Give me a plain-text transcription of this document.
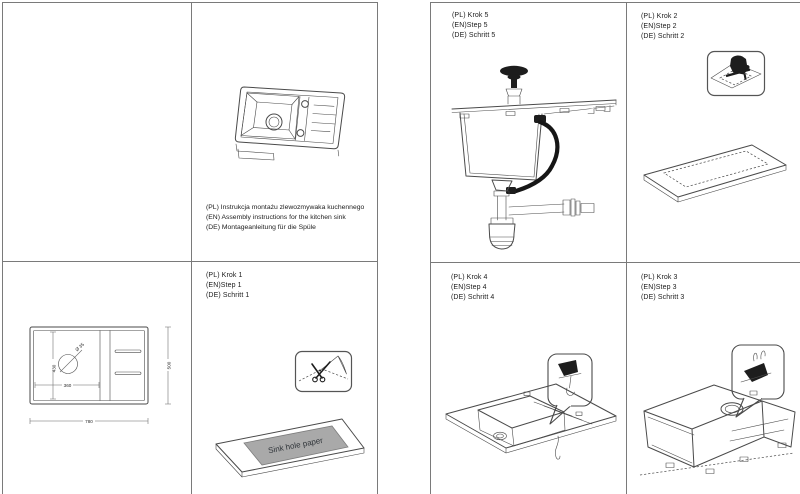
(PL) Instrukcja montażu zlewozmywaka kuchennego
(EN) Assembly instructions for the kitchen sink
(DE) Montageanleitung für die Spüle
(PL) Krok 5
(EN)Step 5
(DE) Schritt 5
(PL) Krok 2
(EN)Step 2
(DE) Schritt 2
Ø 35
430
360
500
780
(PL) Krok 1
(EN)Step 1
(DE) Schritt 1
Sink hole paper
(PL) Krok 4
(EN)Step 4
(DE) Schritt 4
(PL) Krok 3
(EN)Step 3
(DE) Schritt 3
